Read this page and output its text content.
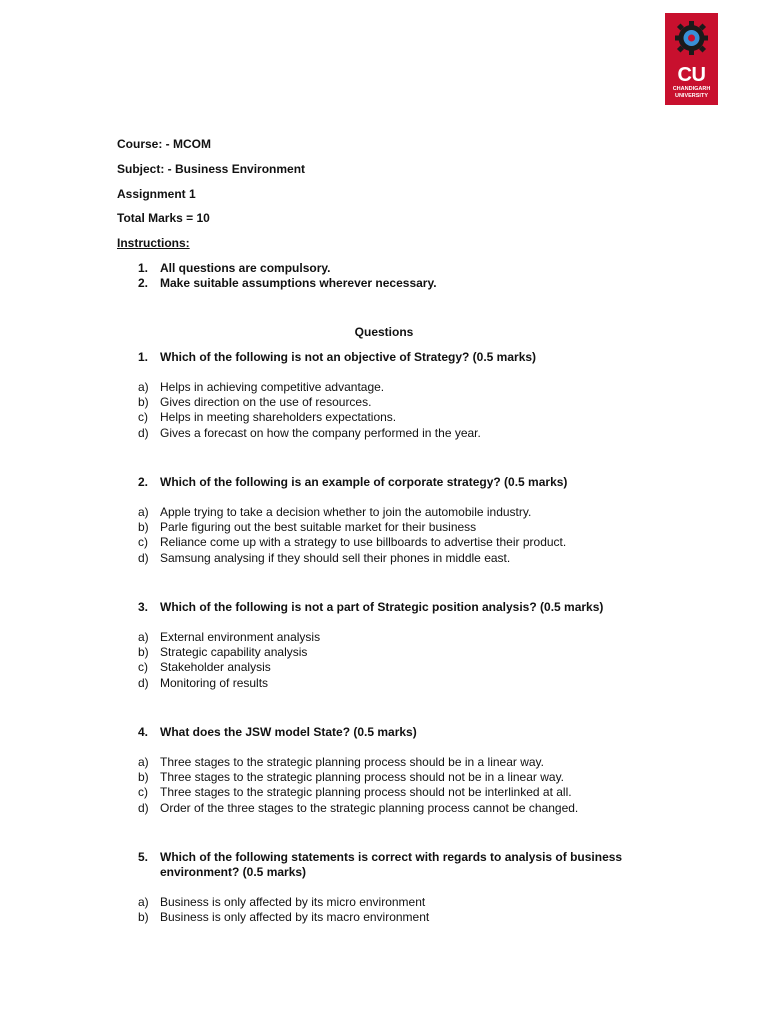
CU
CHANDIGARH UNIVERSITY
Course: - MCOM
Subject: - Business Environment
Assignment 1
Total Marks = 10
Instructions:
1. All questions are compulsory.
2. Make suitable assumptions wherever necessary.
Questions
1. Which of the following is not an objective of Strategy? (0.5 marks)
a) Helps in achieving competitive advantage.
b) Gives direction on the use of resources.
c) Helps in meeting shareholders expectations.
d) Gives a forecast on how the company performed in the year.
2. Which of the following is an example of corporate strategy? (0.5 marks)
a) Apple trying to take a decision whether to join the automobile industry.
b) Parle figuring out the best suitable market for their business
c) Reliance come up with a strategy to use billboards to advertise their product.
d) Samsung analysing if they should sell their phones in middle east.
3. Which of the following is not a part of Strategic position analysis? (0.5 marks)
a) External environment analysis
b) Strategic capability analysis
c) Stakeholder analysis
d) Monitoring of results
4. What does the JSW model State? (0.5 marks)
a) Three stages to the strategic planning process should be in a linear way.
b) Three stages to the strategic planning process should not be in a linear way.
c) Three stages to the strategic planning process should not be interlinked at all.
d) Order of the three stages to the strategic planning process cannot be changed.
5. Which of the following statements is correct with regards to analysis of business environment? (0.5 marks)
a) Business is only affected by its micro environment
b) Business is only affected by its macro environment
